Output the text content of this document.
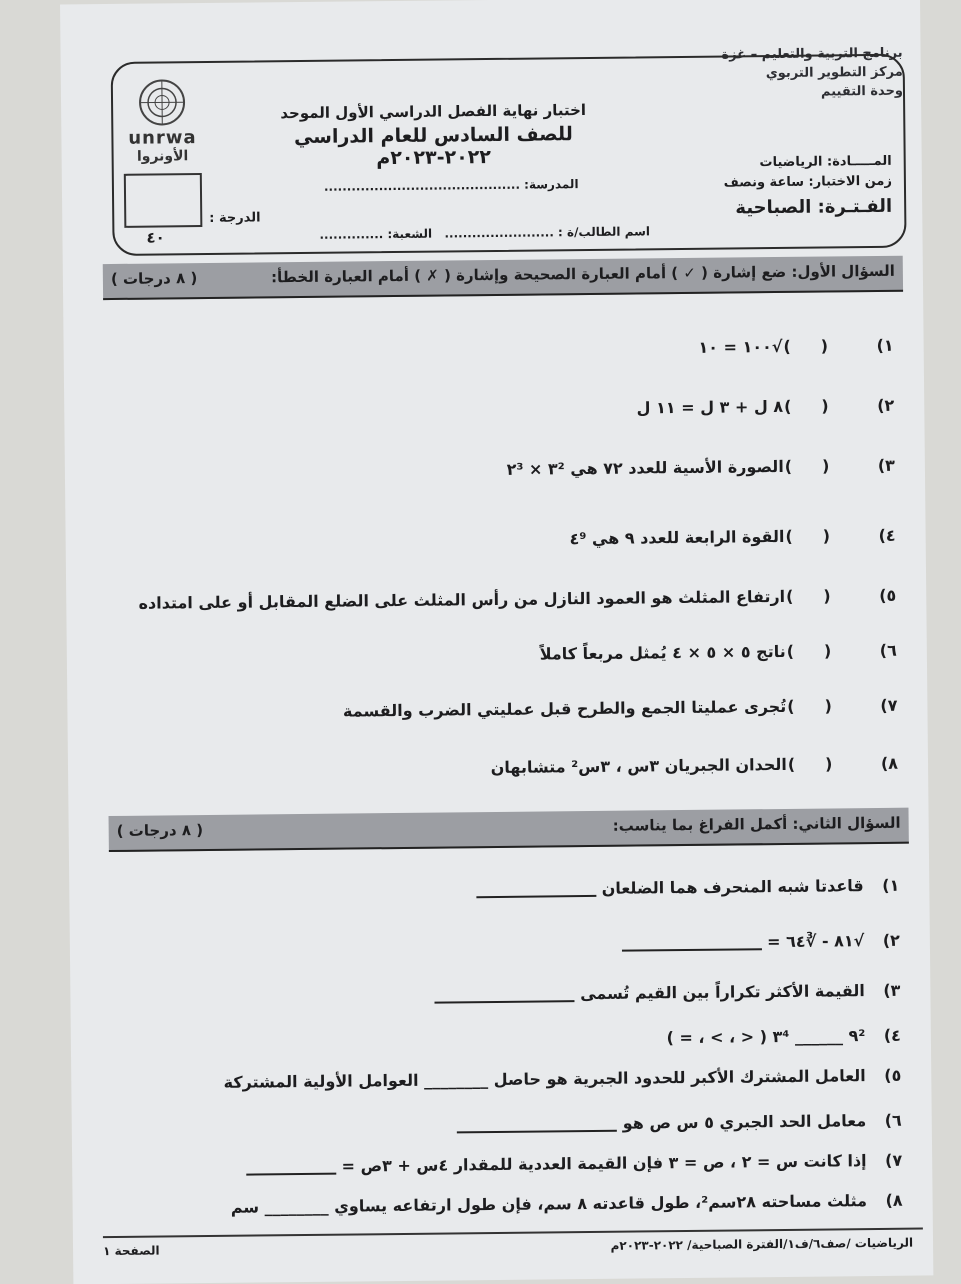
برنامج التربية والتعليم – غزة
مركز التطوير التربوي
وحدة التقييم
unrwa
الأونروا
٤٠
الدرجة :
اختبار نهاية الفصل الدراسي الأول الموحد
للصف السادس للعام الدراسي ٢٠٢٢-٢٠٢٣م
المدرسة: ...........................................
اسم الطالب/ة : ........................
الشعبة: ..............
المـــــادة: الرياضيات
زمن الاختبار: ساعة ونصف
الفـتـرة: الصباحية
السؤال الأول: ضع إشارة ( ✓ ) أمام العبارة الصحيحة وإشارة ( ✗ ) أمام العبارة الخطأ:
( ٨ درجات )
١) () √١٠٠ = ١٠
٢) () ٨ ل + ٣ ل = ١١ ل
٣) () الصورة الأسية للعدد ٧٢ هي ٣² × ٢³
٤) () القوة الرابعة للعدد ٩ هي ٤⁹
٥) () ارتفاع المثلث هو العمود النازل من رأس المثلث على الضلع المقابل أو على امتداده
٦) () ناتج ٥ × ٥ × ٤ يُمثل مربعاً كاملاً
٧) () تُجرى عمليتا الجمع والطرح قبل عمليتي الضرب والقسمة
٨) () الحدان الجبريان ٣س ، ٣س² متشابهان
السؤال الثاني: أكمل الفراغ بما يناسب:
( ٨ درجات )
١) قاعدتا شبه المنحرف هما الضلعان
٢) √٨١ - ∛٦٤ =
٣) القيمة الأكثر تكراراً بين القيم تُسمى
٤) ٩² ______ ٣⁴ ( < ، > ، = )
٥) العامل المشترك الأكبر للحدود الجبرية هو حاصل ________ العوامل الأولية المشتركة
٦) معامل الحد الجبري ٥ س ص هو
٧) إذا كانت س = ٢ ، ص = ٣ فإن القيمة العددية للمقدار ٤س + ٣ص =
٨) مثلث مساحته ٢٨سم²، طول قاعدته ٨ سم، فإن طول ارتفاعه يساوي ________ سم
الصفحة ١	الرياضيات /صف٦/ف١/الفترة الصباحية/ ٢٠٢٢-٢٠٢٣م
